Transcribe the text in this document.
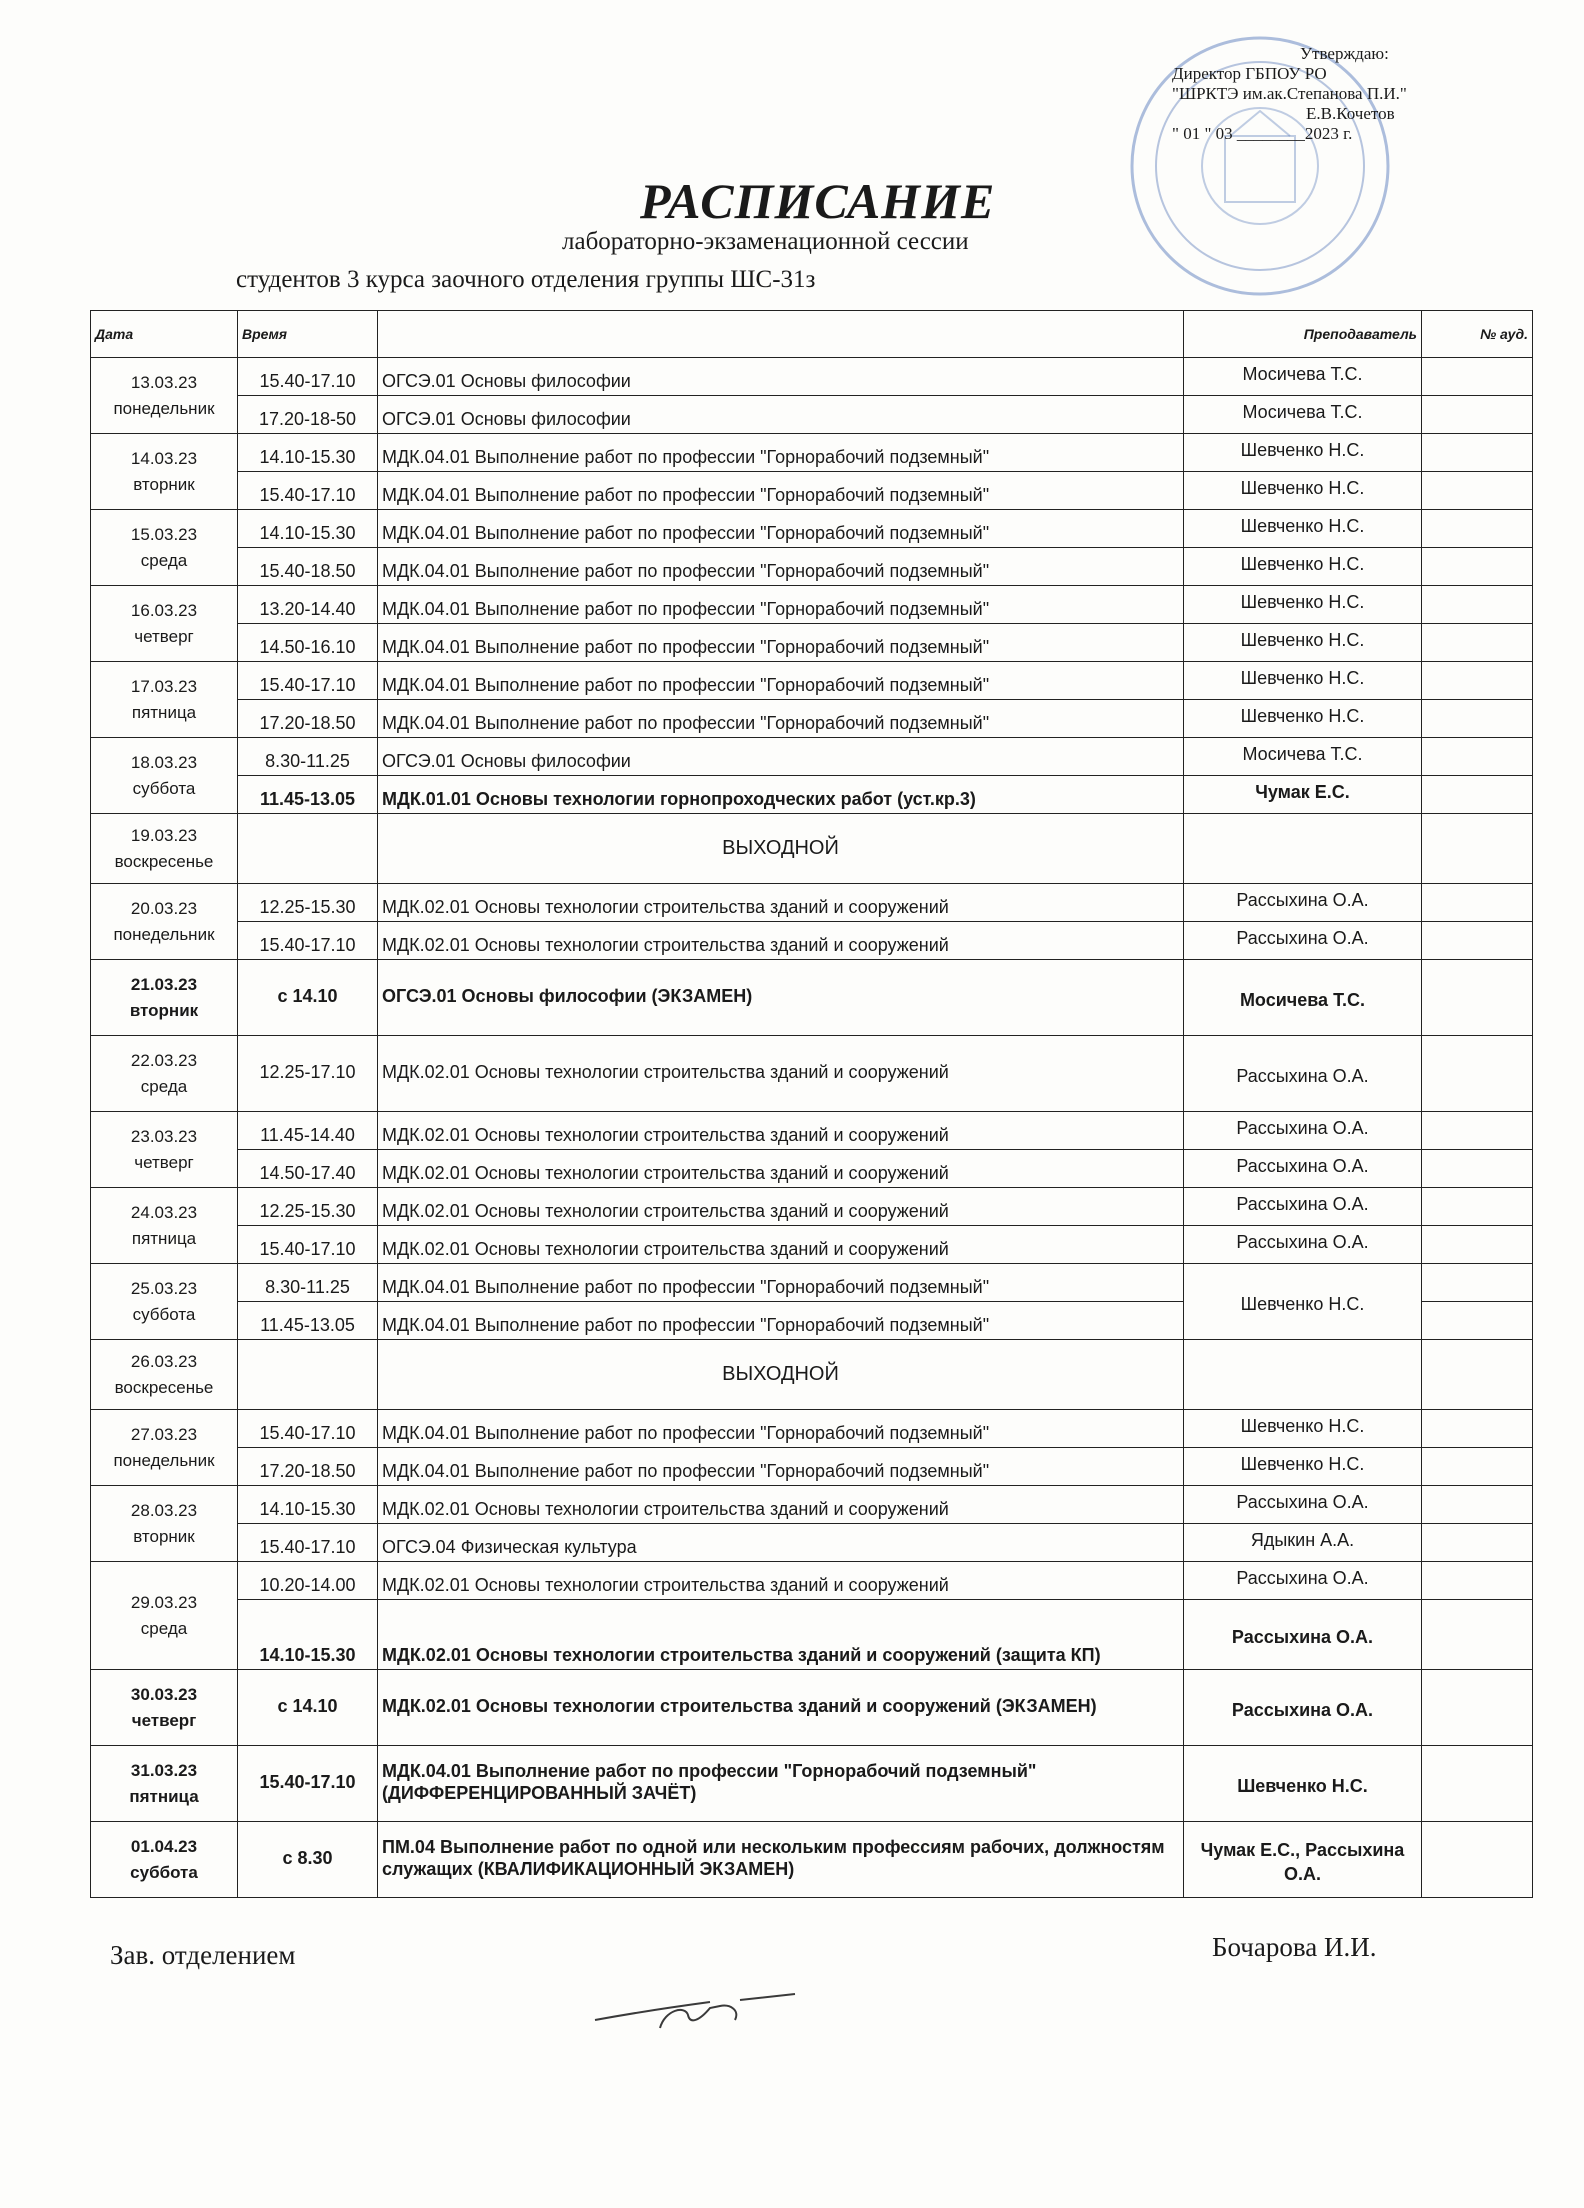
Утверждаю:
Директор ГБПОУ РО
"ШРКТЭ им.ак.Степанова П.И."
Е.В.Кочетов
" 01 " 03 ________2023 г.
РАСПИСАНИЕ
лабораторно-экзаменационной сессии
студентов 3 курса заочного отделения группы ШС-31з
Дата	Время		Преподаватель	№ ауд.

13.03.23
понедельник	15.40-17.10	ОГСЭ.01 Основы философии	Мосичева Т.С.	
	17.20-18-50	ОГСЭ.01 Основы философии	Мосичева Т.С.	

14.03.23
вторник	14.10-15.30	МДК.04.01 Выполнение работ по профессии "Горнорабочий подземный"	Шевченко Н.С.	
	15.40-17.10	МДК.04.01 Выполнение работ по профессии "Горнорабочий подземный"	Шевченко Н.С.	

15.03.23
среда	14.10-15.30	МДК.04.01 Выполнение работ по профессии "Горнорабочий подземный"	Шевченко Н.С.	
	15.40-18.50	МДК.04.01 Выполнение работ по профессии "Горнорабочий подземный"	Шевченко Н.С.	

16.03.23
четверг	13.20-14.40	МДК.04.01 Выполнение работ по профессии "Горнорабочий подземный"	Шевченко Н.С.	
	14.50-16.10	МДК.04.01 Выполнение работ по профессии "Горнорабочий подземный"	Шевченко Н.С.	

17.03.23
пятница	15.40-17.10	МДК.04.01 Выполнение работ по профессии "Горнорабочий подземный"	Шевченко Н.С.	
	17.20-18.50	МДК.04.01 Выполнение работ по профессии "Горнорабочий подземный"	Шевченко Н.С.	

18.03.23
суббота	8.30-11.25	ОГСЭ.01 Основы философии	Мосичева Т.С.	
	11.45-13.05	МДК.01.01 Основы технологии горнопроходческих работ (уст.кр.3)	Чумак Е.С.	

19.03.23
воскресенье		ВЫХОДНОЙ		

20.03.23
понедельник	12.25-15.30	МДК.02.01 Основы технологии строительства зданий и сооружений	Рассыхина О.А.	
	15.40-17.10	МДК.02.01 Основы технологии строительства зданий и сооружений	Рассыхина О.А.	

21.03.23
вторник	с 14.10	ОГСЭ.01 Основы философии (ЭКЗАМЕН)	Мосичева Т.С.	

22.03.23
среда	12.25-17.10	МДК.02.01 Основы технологии строительства зданий и сооружений	Рассыхина О.А.	

23.03.23
четверг	11.45-14.40	МДК.02.01 Основы технологии строительства зданий и сооружений	Рассыхина О.А.	
	14.50-17.40	МДК.02.01 Основы технологии строительства зданий и сооружений	Рассыхина О.А.	

24.03.23
пятница	12.25-15.30	МДК.02.01 Основы технологии строительства зданий и сооружений	Рассыхина О.А.	
	15.40-17.10	МДК.02.01 Основы технологии строительства зданий и сооружений	Рассыхина О.А.	

25.03.23
суббота	8.30-11.25	МДК.04.01 Выполнение работ по профессии "Горнорабочий подземный"	Шевченко Н.С.	
	11.45-13.05	МДК.04.01 Выполнение работ по профессии "Горнорабочий подземный"		

26.03.23
воскресенье		ВЫХОДНОЙ		

27.03.23
понедельник	15.40-17.10	МДК.04.01 Выполнение работ по профессии "Горнорабочий подземный"	Шевченко Н.С.	
	17.20-18.50	МДК.04.01 Выполнение работ по профессии "Горнорабочий подземный"	Шевченко Н.С.	

28.03.23
вторник	14.10-15.30	МДК.02.01 Основы технологии строительства зданий и сооружений	Рассыхина О.А.	
	15.40-17.10	ОГСЭ.04 Физическая культура	Ядыкин А.А.	

29.03.23
среда	10.20-14.00	МДК.02.01 Основы технологии строительства зданий и сооружений	Рассыхина О.А.	
	14.10-15.30	МДК.02.01 Основы технологии строительства зданий и сооружений (защита КП)	Рассыхина О.А.	

30.03.23
четверг	с 14.10	МДК.02.01 Основы технологии строительства зданий и сооружений (ЭКЗАМЕН)	Рассыхина О.А.	

31.03.23
пятница	15.40-17.10	МДК.04.01 Выполнение работ по профессии "Горнорабочий подземный"(ДИФФЕРЕНЦИРОВАННЫЙ ЗАЧЁТ)	Шевченко Н.С.	

01.04.23
суббота	с 8.30	ПМ.04 Выполнение работ по одной или нескольким профессиям рабочих, должностям служащих (КВАЛИФИКАЦИОННЫЙ ЭКЗАМЕН)	Чумак Е.С., Рассыхина О.А.	
Зав. отделением	Бочарова И.И.
